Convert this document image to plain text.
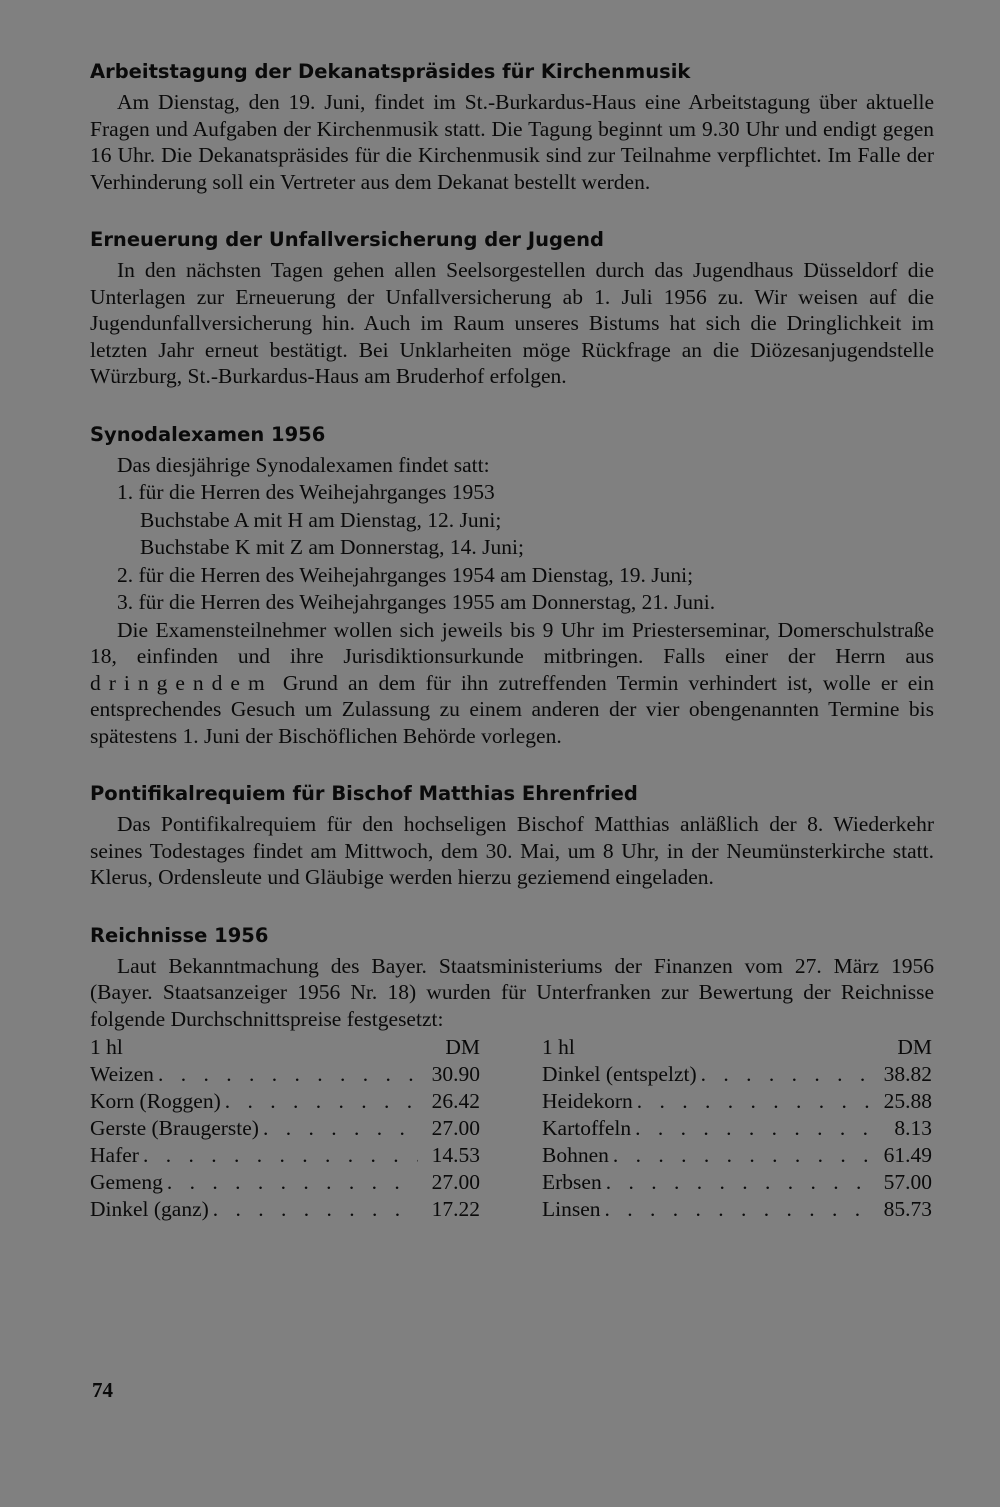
Arbeitstagung der Dekanatspräsides für Kirchenmusik

Am Dienstag, den 19. Juni, findet im St.-Burkardus-Haus eine Arbeitstagung über aktuelle Fragen und Aufgaben der Kirchenmusik statt. Die Tagung beginnt um 9.30 Uhr und endigt gegen 16 Uhr. Die Dekanatspräsides für die Kirchenmusik sind zur Teilnahme verpflichtet. Im Falle der Verhinderung soll ein Vertreter aus dem Dekanat bestellt werden.

Erneuerung der Unfallversicherung der Jugend

In den nächsten Tagen gehen allen Seelsorgestellen durch das Jugendhaus Düsseldorf die Unterlagen zur Erneuerung der Unfallversicherung ab 1. Juli 1956 zu. Wir weisen auf die Jugendunfallversicherung hin. Auch im Raum unseres Bistums hat sich die Dringlichkeit im letzten Jahr erneut bestätigt. Bei Unklarheiten möge Rückfrage an die Diözesanjugendstelle Würzburg, St.-Burkardus-Haus am Bruderhof erfolgen.

Synodalexamen 1956

Das diesjährige Synodalexamen findet satt:

1. für die Herren des Weihejahrganges 1953

Buchstabe A mit H am Dienstag, 12. Juni;

Buchstabe K mit Z am Donnerstag, 14. Juni;

2. für die Herren des Weihejahrganges 1954 am Dienstag, 19. Juni;

3. für die Herren des Weihejahrganges 1955 am Donnerstag, 21. Juni.

Die Examensteilnehmer wollen sich jeweils bis 9 Uhr im Priesterseminar, Domerschulstraße 18, einfinden und ihre Jurisdiktionsurkunde mitbringen. Falls einer der Herrn aus dringendem Grund an dem für ihn zutreffenden Termin verhindert ist, wolle er ein entsprechendes Gesuch um Zulassung zu einem anderen der vier obengenannten Termine bis spätestens 1. Juni der Bischöflichen Behörde vorlegen.

Pontifikalrequiem für Bischof Matthias Ehrenfried

Das Pontifikalrequiem für den hochseligen Bischof Matthias anläßlich der 8. Wiederkehr seines Todestages findet am Mittwoch, dem 30. Mai, um 8 Uhr, in der Neumünsterkirche statt. Klerus, Ordensleute und Gläubige werden hierzu geziemend eingeladen.

Reichnisse 1956

Laut Bekanntmachung des Bayer. Staatsministeriums der Finanzen vom 27. März 1956 (Bayer. Staatsanzeiger 1956 Nr. 18) wurden für Unterfranken zur Bewertung der Reichnisse folgende Durchschnittspreise festgesetzt:

1 hl	DM
Weizen . . .	30.90
Korn (Roggen) . . .	26.42
Gerste (Braugerste) . . .	27.00
Hafer . . .	14.53
Gemeng . . .	27.00
Dinkel (ganz) . . .	17.22
1 hl	DM
Dinkel (entspelzt) . . .	38.82
Heidekorn . . .	25.88
Kartoffeln . . .	8.13
Bohnen . . .	61.49
Erbsen . . .	57.00
Linsen . . .	85.73
74
